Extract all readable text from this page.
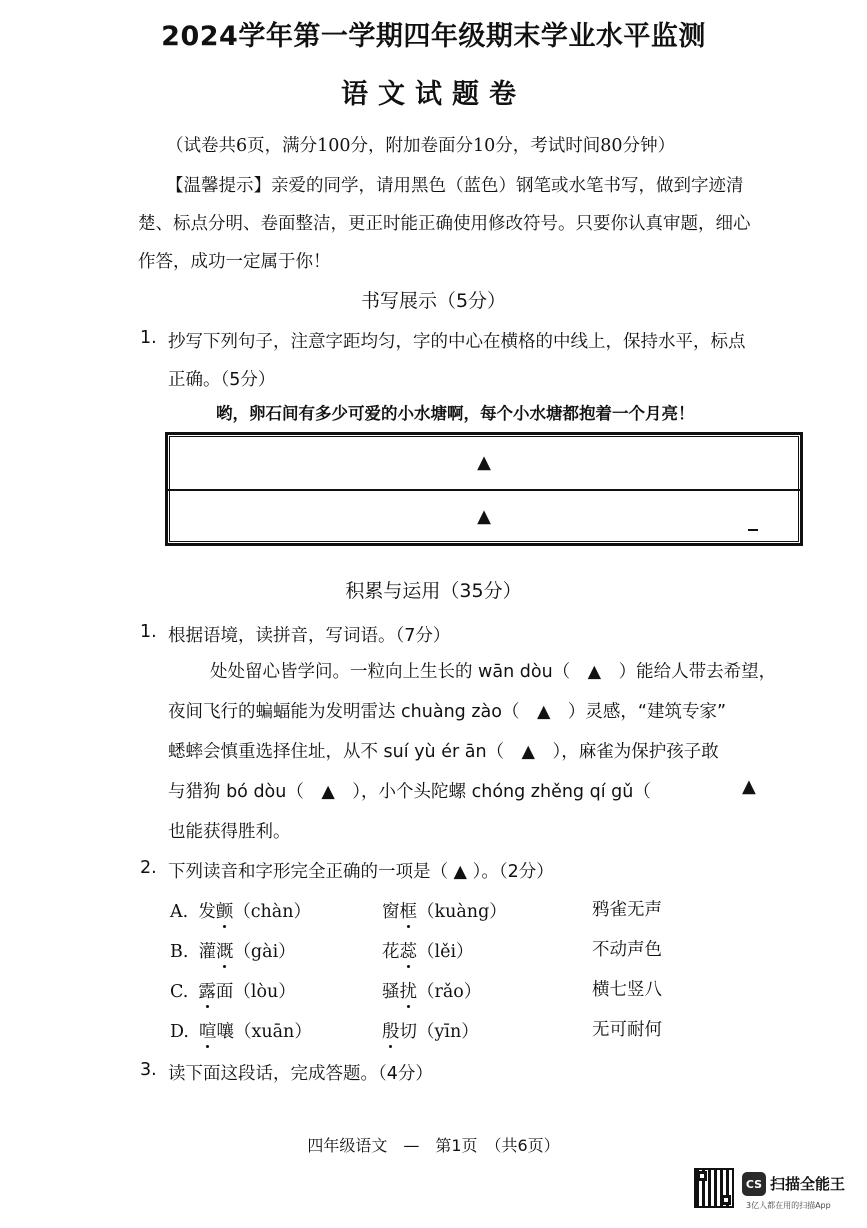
2024学年第一学期四年级期末学业水平监测
语文试题卷
（试卷共6页，满分100分，附加卷面分10分，考试时间80分钟）
【温馨提示】亲爱的同学，请用黑色（蓝色）钢笔或水笔书写，做到字迹清
楚、标点分明、卷面整洁，更正时能正确使用修改符号。只要你认真审题，细心
作答，成功一定属于你！
书写展示（5分）
1. 抄写下列句子，注意字距均匀，字的中心在横格的中线上，保持水平，标点
正确。（5分）
哟，卵石间有多少可爱的小水塘啊，每个小水塘都抱着一个月亮！
▲
▲
积累与运用（35分）
1. 根据语境，读拼音，写词语。（7分）
处处留心皆学问。一粒向上生长的 wān dòu（　▲　）能给人带去希望，
夜间飞行的蝙蝠能为发明雷达 chuàng zào（　▲　）灵感，“建筑专家”
蟋蟀会慎重选择住址，从不 suí yù ér ān（　▲　），麻雀为保护孩子敢
与猎狗 bó dòu（　▲　），小个头陀螺 chóng zhěng qí gǔ（	▲
也能获得胜利。
2. 下列读音和字形完全正确的一项是（ ▲ ）。（2分）
A. 发颤（chàn）	窗框（kuàng）	鸦雀无声
B. 灌溉（gài）	花蕊（lěi）	不动声色
C. 露面（lòu）	骚扰（rǎo）	横七竖八
D. 喧嚷（xuān）	殷切（yīn）	无可耐何
3. 读下面这段话，完成答题。（4分）
四年级语文　—　第1页　（共6页）
CS 扫描全能王
3亿人都在用的扫描App
